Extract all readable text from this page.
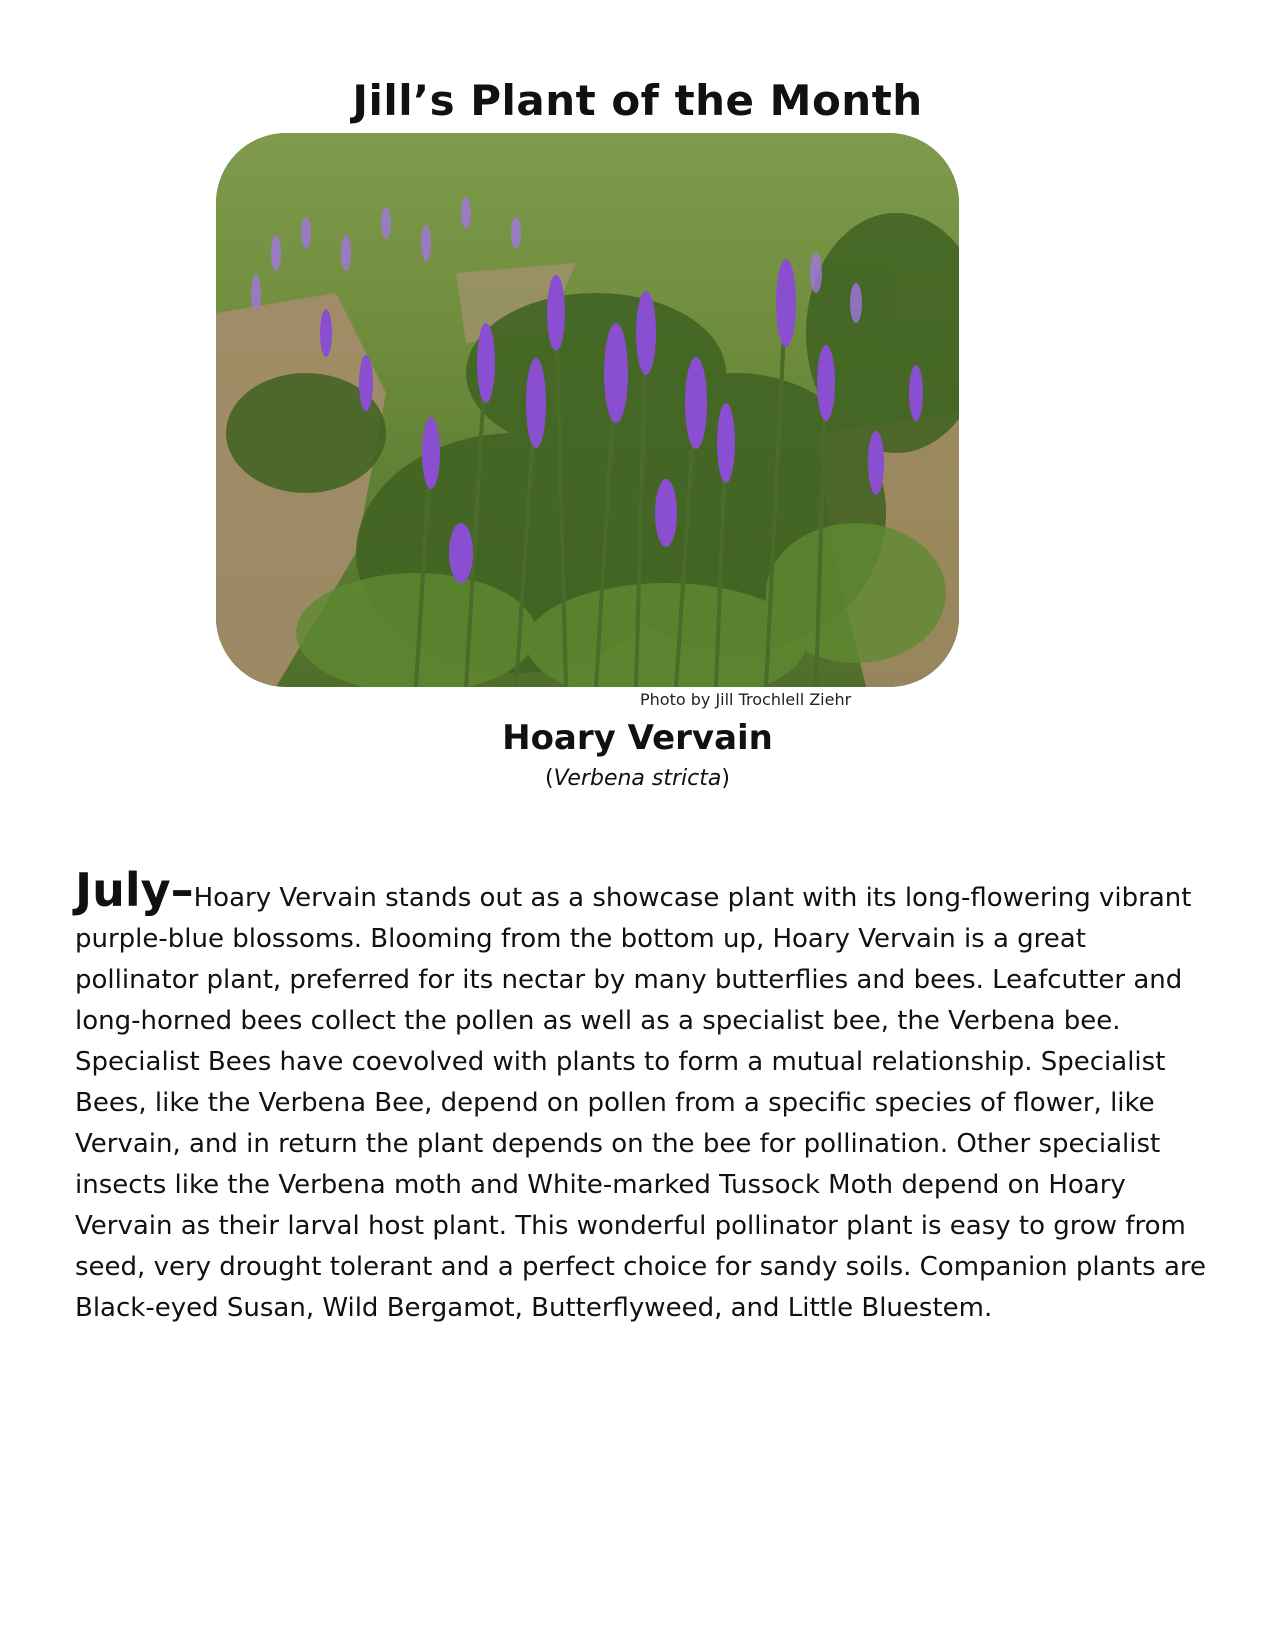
Jill’s Plant of the Month
Photo by Jill Trochlell Ziehr
Hoary Vervain
(Verbena stricta)
July–Hoary Vervain stands out as a showcase plant with its long-flowering vibrant purple-blue blossoms. Blooming from the bottom up, Hoary Vervain is a great pollinator plant, preferred for its nectar by many butterflies and bees. Leafcutter and long-horned bees collect the pollen as well as a specialist bee, the Verbena bee. Specialist Bees have coevolved with plants to form a mutual relationship. Specialist Bees, like the Verbena Bee, depend on pollen from a specific species of flower, like Vervain, and in return the plant depends on the bee for pollination. Other specialist insects like the Verbena moth and White-marked Tussock Moth depend on Hoary Vervain as their larval host plant. This wonderful pollinator plant is easy to grow from seed, very drought tolerant and a perfect choice for sandy soils. Companion plants are Black-eyed Susan, Wild Bergamot, Butterflyweed, and Little Bluestem.
